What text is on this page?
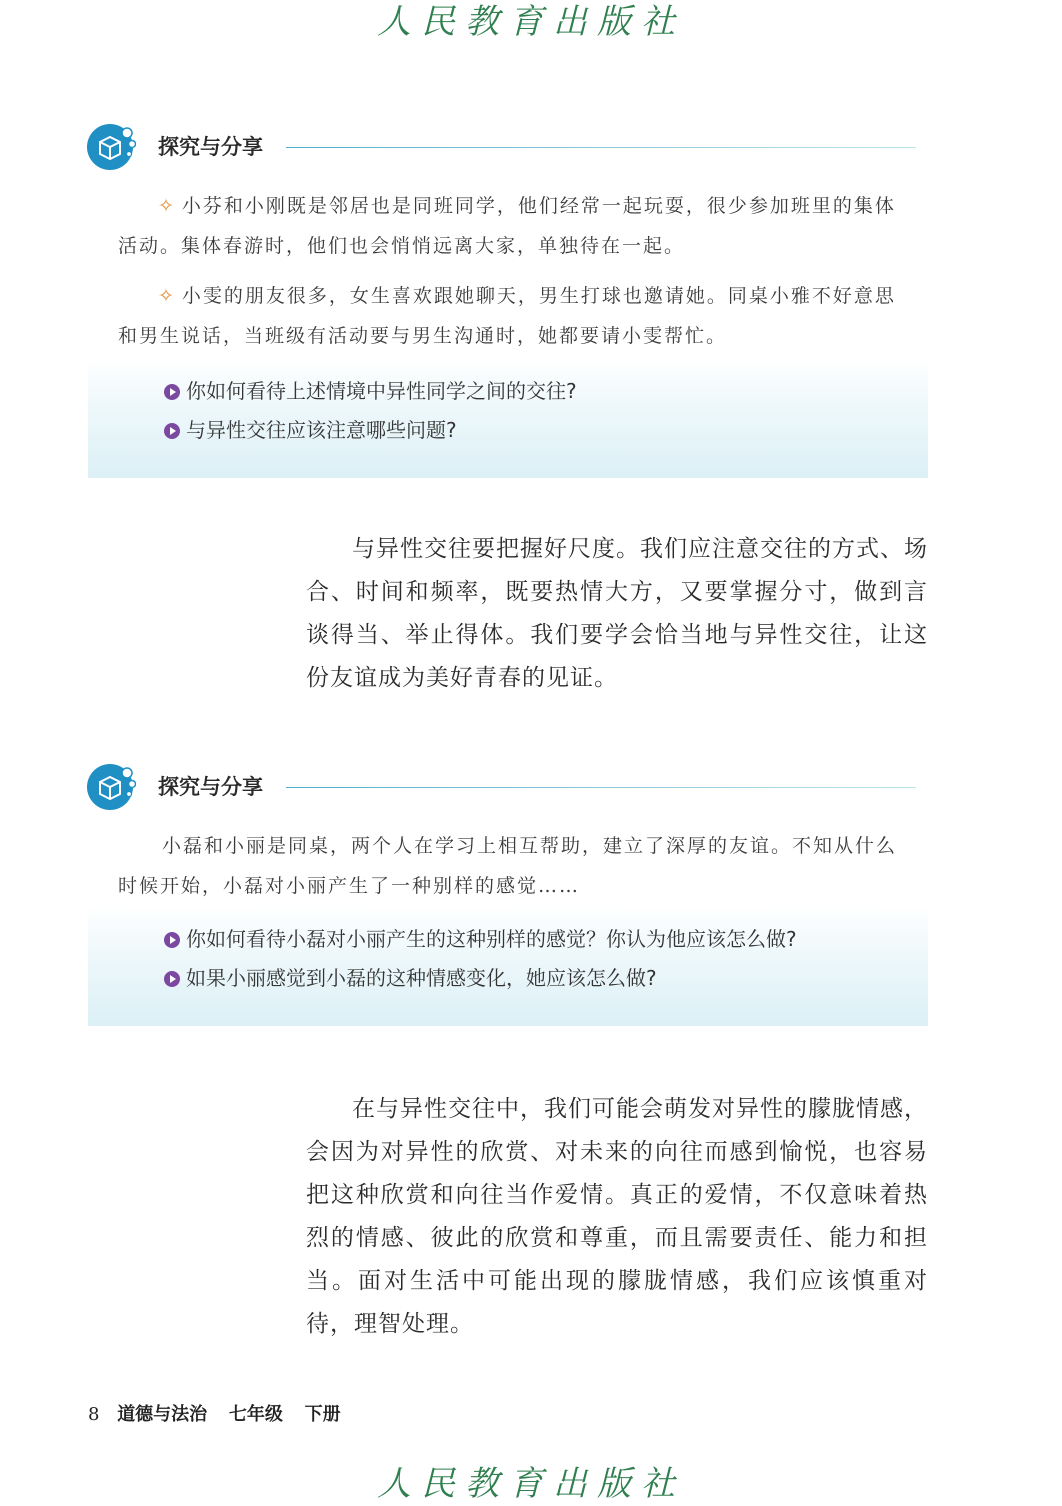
人民教育出版社
探究与分享
✧ 小芬和小刚既是邻居也是同班同学，他们经常一起玩耍，很少参加班里的集体活动。集体春游时，他们也会悄悄远离大家，单独待在一起。
✧ 小雯的朋友很多，女生喜欢跟她聊天，男生打球也邀请她。同桌小雅不好意思和男生说话，当班级有活动要与男生沟通时，她都要请小雯帮忙。
你如何看待上述情境中异性同学之间的交往?
与异性交往应该注意哪些问题?
与异性交往要把握好尺度。我们应注意交往的方式、场合、时间和频率，既要热情大方，又要掌握分寸，做到言谈得当、举止得体。我们要学会恰当地与异性交往，让这份友谊成为美好青春的见证。
探究与分享
小磊和小丽是同桌，两个人在学习上相互帮助，建立了深厚的友谊。不知从什么时候开始，小磊对小丽产生了一种别样的感觉……
你如何看待小磊对小丽产生的这种别样的感觉？你认为他应该怎么做?
如果小丽感觉到小磊的这种情感变化，她应该怎么做?
在与异性交往中，我们可能会萌发对异性的朦胧情感，会因为对异性的欣赏、对未来的向往而感到愉悦，也容易把这种欣赏和向往当作爱情。真正的爱情，不仅意味着热烈的情感、彼此的欣赏和尊重，而且需要责任、能力和担当。面对生活中可能出现的朦胧情感，我们应该慎重对待，理智处理。
8 道德与法治 七年级 下册
人民教育出版社
